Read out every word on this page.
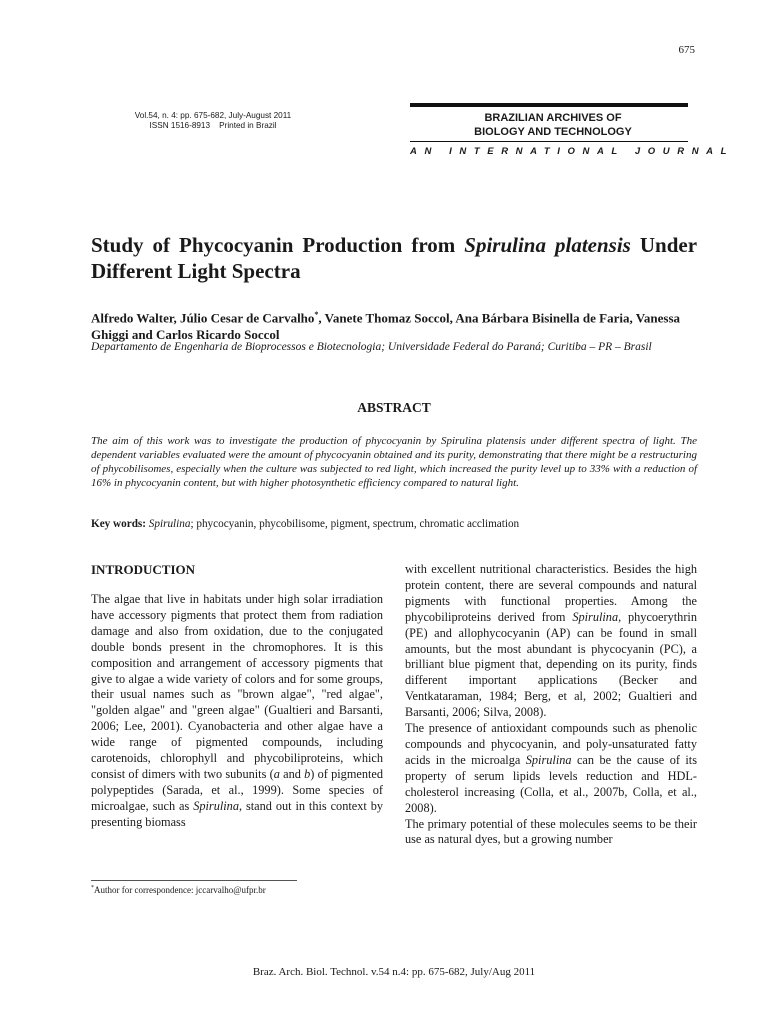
675
Vol.54, n. 4: pp. 675-682, July-August 2011
ISSN 1516-8913    Printed in Brazil
BRAZILIAN ARCHIVES OF
BIOLOGY AND TECHNOLOGY
AN INTERNATIONAL JOURNAL
Study of Phycocyanin Production from Spirulina platensis Under Different Light Spectra
Alfredo Walter, Júlio Cesar de Carvalho*, Vanete Thomaz Soccol, Ana Bárbara Bisinella de Faria, Vanessa Ghiggi and Carlos Ricardo Soccol
Departamento de Engenharia de Bioprocessos e Biotecnologia; Universidade Federal do Paraná; Curitiba – PR – Brasil
ABSTRACT
The aim of this work was to investigate the production of phycocyanin by Spirulina platensis under different spectra of light. The dependent variables evaluated were the amount of phycocyanin obtained and its purity, demonstrating that there might be a restructuring of phycobilisomes, especially when the culture was subjected to red light, which increased the purity level up to 33% with a reduction of 16% in phycocyanin content, but with higher photosynthetic efficiency compared to natural light.
Key words: Spirulina; phycocyanin, phycobilisome, pigment, spectrum, chromatic acclimation
INTRODUCTION

The algae that live in habitats under high solar irradiation have accessory pigments that protect them from radiation damage and also from oxidation, due to the conjugated double bonds present in the chromophores. It is this composition and arrangement of accessory pigments that give to algae a wide variety of colors and for some groups, their usual names such as "brown algae", "red algae", "golden algae" and "green algae" (Gualtieri and Barsanti, 2006; Lee, 2001). Cyanobacteria and other algae have a wide range of pigmented compounds, including carotenoids, chlorophyll and phycobiliproteins, which consist of dimers with two subunits (a and b) of pigmented polypeptides (Sarada, et al., 1999). Some species of microalgae, such as Spirulina, stand out in this context by presenting biomass

with excellent nutritional characteristics. Besides the high protein content, there are several compounds and natural pigments with functional properties. Among the phycobiliproteins derived from Spirulina, phycoerythrin (PE) and allophycocyanin (AP) can be found in small amounts, but the most abundant is phycocyanin (PC), a brilliant blue pigment that, depending on its purity, finds different important applications (Becker and Ventkataraman, 1984; Berg, et al, 2002; Gualtieri and Barsanti, 2006; Silva, 2008).

The presence of antioxidant compounds such as phenolic compounds and phycocyanin, and poly-unsaturated fatty acids in the microalga Spirulina can be the cause of its property of serum lipids levels reduction and HDL-cholesterol increasing (Colla, et al., 2007b, Colla, et al., 2008).

The primary potential of these molecules seems to be their use as natural dyes, but a growing number

*Author for correspondence: jccarvalho@ufpr.br
Braz. Arch. Biol. Technol. v.54 n.4: pp. 675-682, July/Aug 2011
